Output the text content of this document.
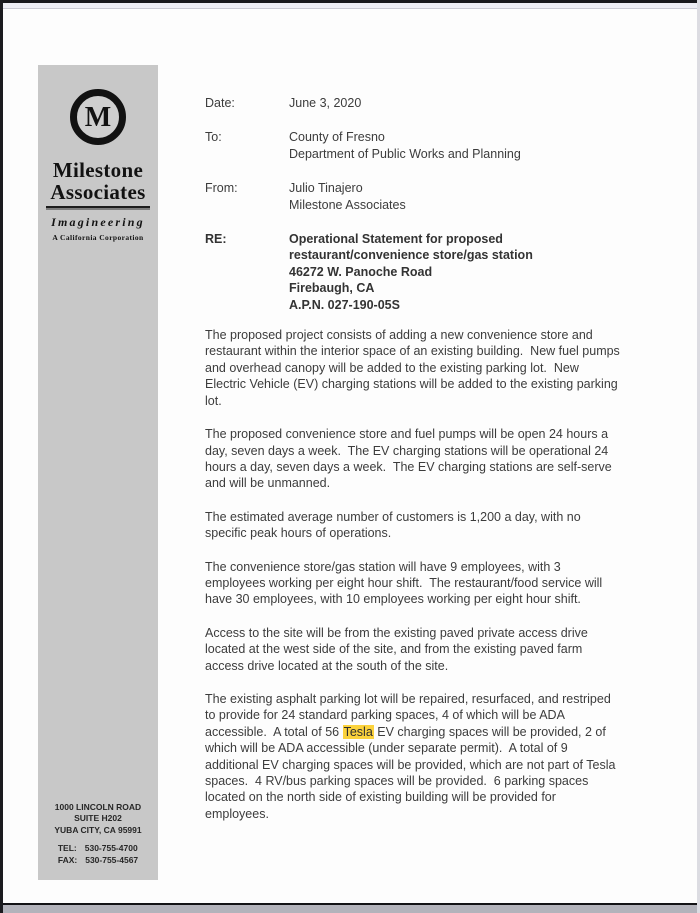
M
Milestone
Associates
Imagineering
A California Corporation
1000 LINCOLN ROAD
SUITE H202
YUBA CITY, CA 95991
TEL: 530-755-4700
FAX: 530-755-4567
Date:	June 3, 2020
To:	County of Fresno
Department of Public Works and Planning
From:	Julio Tinajero
Milestone Associates
RE:	Operational Statement for proposed
restaurant/convenience store/gas station
46272 W. Panoche Road
Firebaugh, CA
A.P.N. 027-190-05S
The proposed project consists of adding a new convenience store and restaurant within the interior space of an existing building.  New fuel pumps and overhead canopy will be added to the existing parking lot.  New Electric Vehicle (EV) charging stations will be added to the existing parking lot.
The proposed convenience store and fuel pumps will be open 24 hours a day, seven days a week.  The EV charging stations will be operational 24 hours a day, seven days a week.  The EV charging stations are self-serve and will be unmanned.
The estimated average number of customers is 1,200 a day, with no specific peak hours of operations.
The convenience store/gas station will have 9 employees, with 3 employees working per eight hour shift.  The restaurant/food service will have 30 employees, with 10 employees working per eight hour shift.
Access to the site will be from the existing paved private access drive located at the west side of the site, and from the existing paved farm access drive located at the south of the site.
The existing asphalt parking lot will be repaired, resurfaced, and restriped to provide for 24 standard parking spaces, 4 of which will be ADA accessible.  A total of 56 Tesla EV charging spaces will be provided, 2 of which will be ADA accessible (under separate permit).  A total of 9 additional EV charging spaces will be provided, which are not part of Tesla spaces.  4 RV/bus parking spaces will be provided.  6 parking spaces located on the north side of existing building will be provided for employees.
